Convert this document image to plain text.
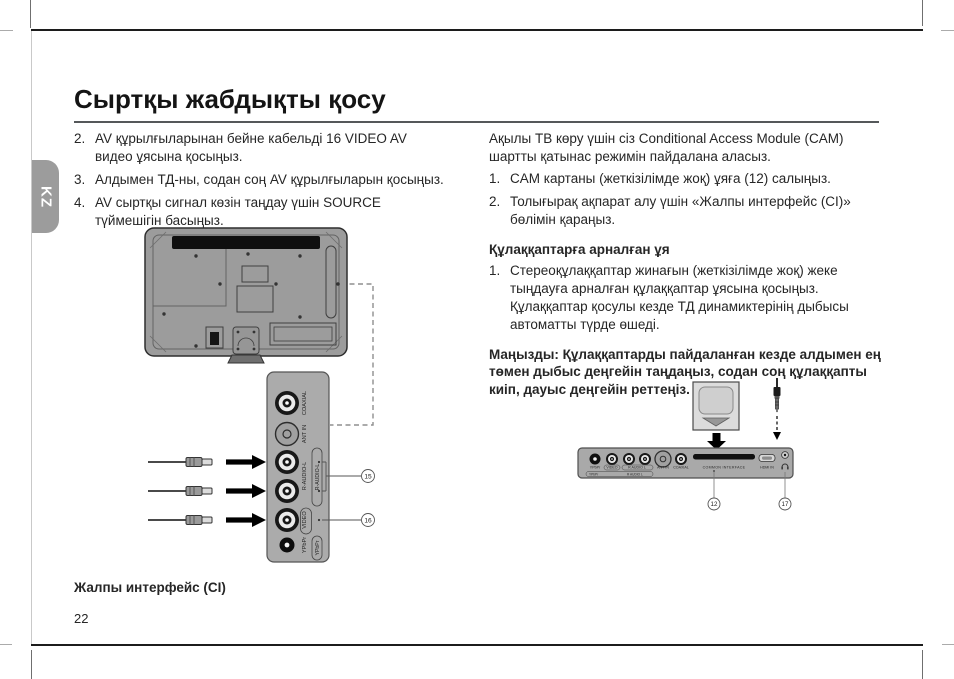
KZ
Сыртқы жабдықты қосу
2. AV құрылғыларынан бейне кабельді 16 VIDEO AV видео ұясына қосыңыз.
3. Алдымен ТД-ны, содан соң AV құрылғыларын қосыңыз.
4. AV сыртқы сигнал көзін таңдау үшін SOURCE түймешігін басыңыз.
COAXIAL
ANT IN
R-AUDIO-L
VIDEO
YPbPr
R-AUDIO-L
YPbPr
15
16

Ақылы ТВ көру үшін сіз Conditional Access Module (CAM) шартты қатынас режимін пайдалана аласыз.

1. CAM картаны (жеткізілімде жоқ) ұяға (12) салыңыз.
2. Толығырақ ақпарат алу үшін «Жалпы интерфейс (CI)» бөлімін қараңыз.
Құлаққаптарға арналған ұя
1. Стереоқұлаққаптар жинағын (жеткізілімде жоқ) жеке тыңдауға арналған құлаққаптар ұясына қосыңыз. Құлаққаптар қосулы кезде ТД динамиктерінің дыбысы автоматты түрде өшеді.
Маңызды: Құлаққаптарды пайдаланған кезде алдымен ең төмен дыбыс деңгейін таңдаңыз, содан соң құлаққапты киіп, дауыс деңгейін реттеңіз.
YPbPr VIDEO	R AUDIO L	ANT IN COAXIAL	COMMON INTERFACE	HDMI IN
YPbPr	R AUDIO L
12	17
Жалпы интерфейс (CI)
22
